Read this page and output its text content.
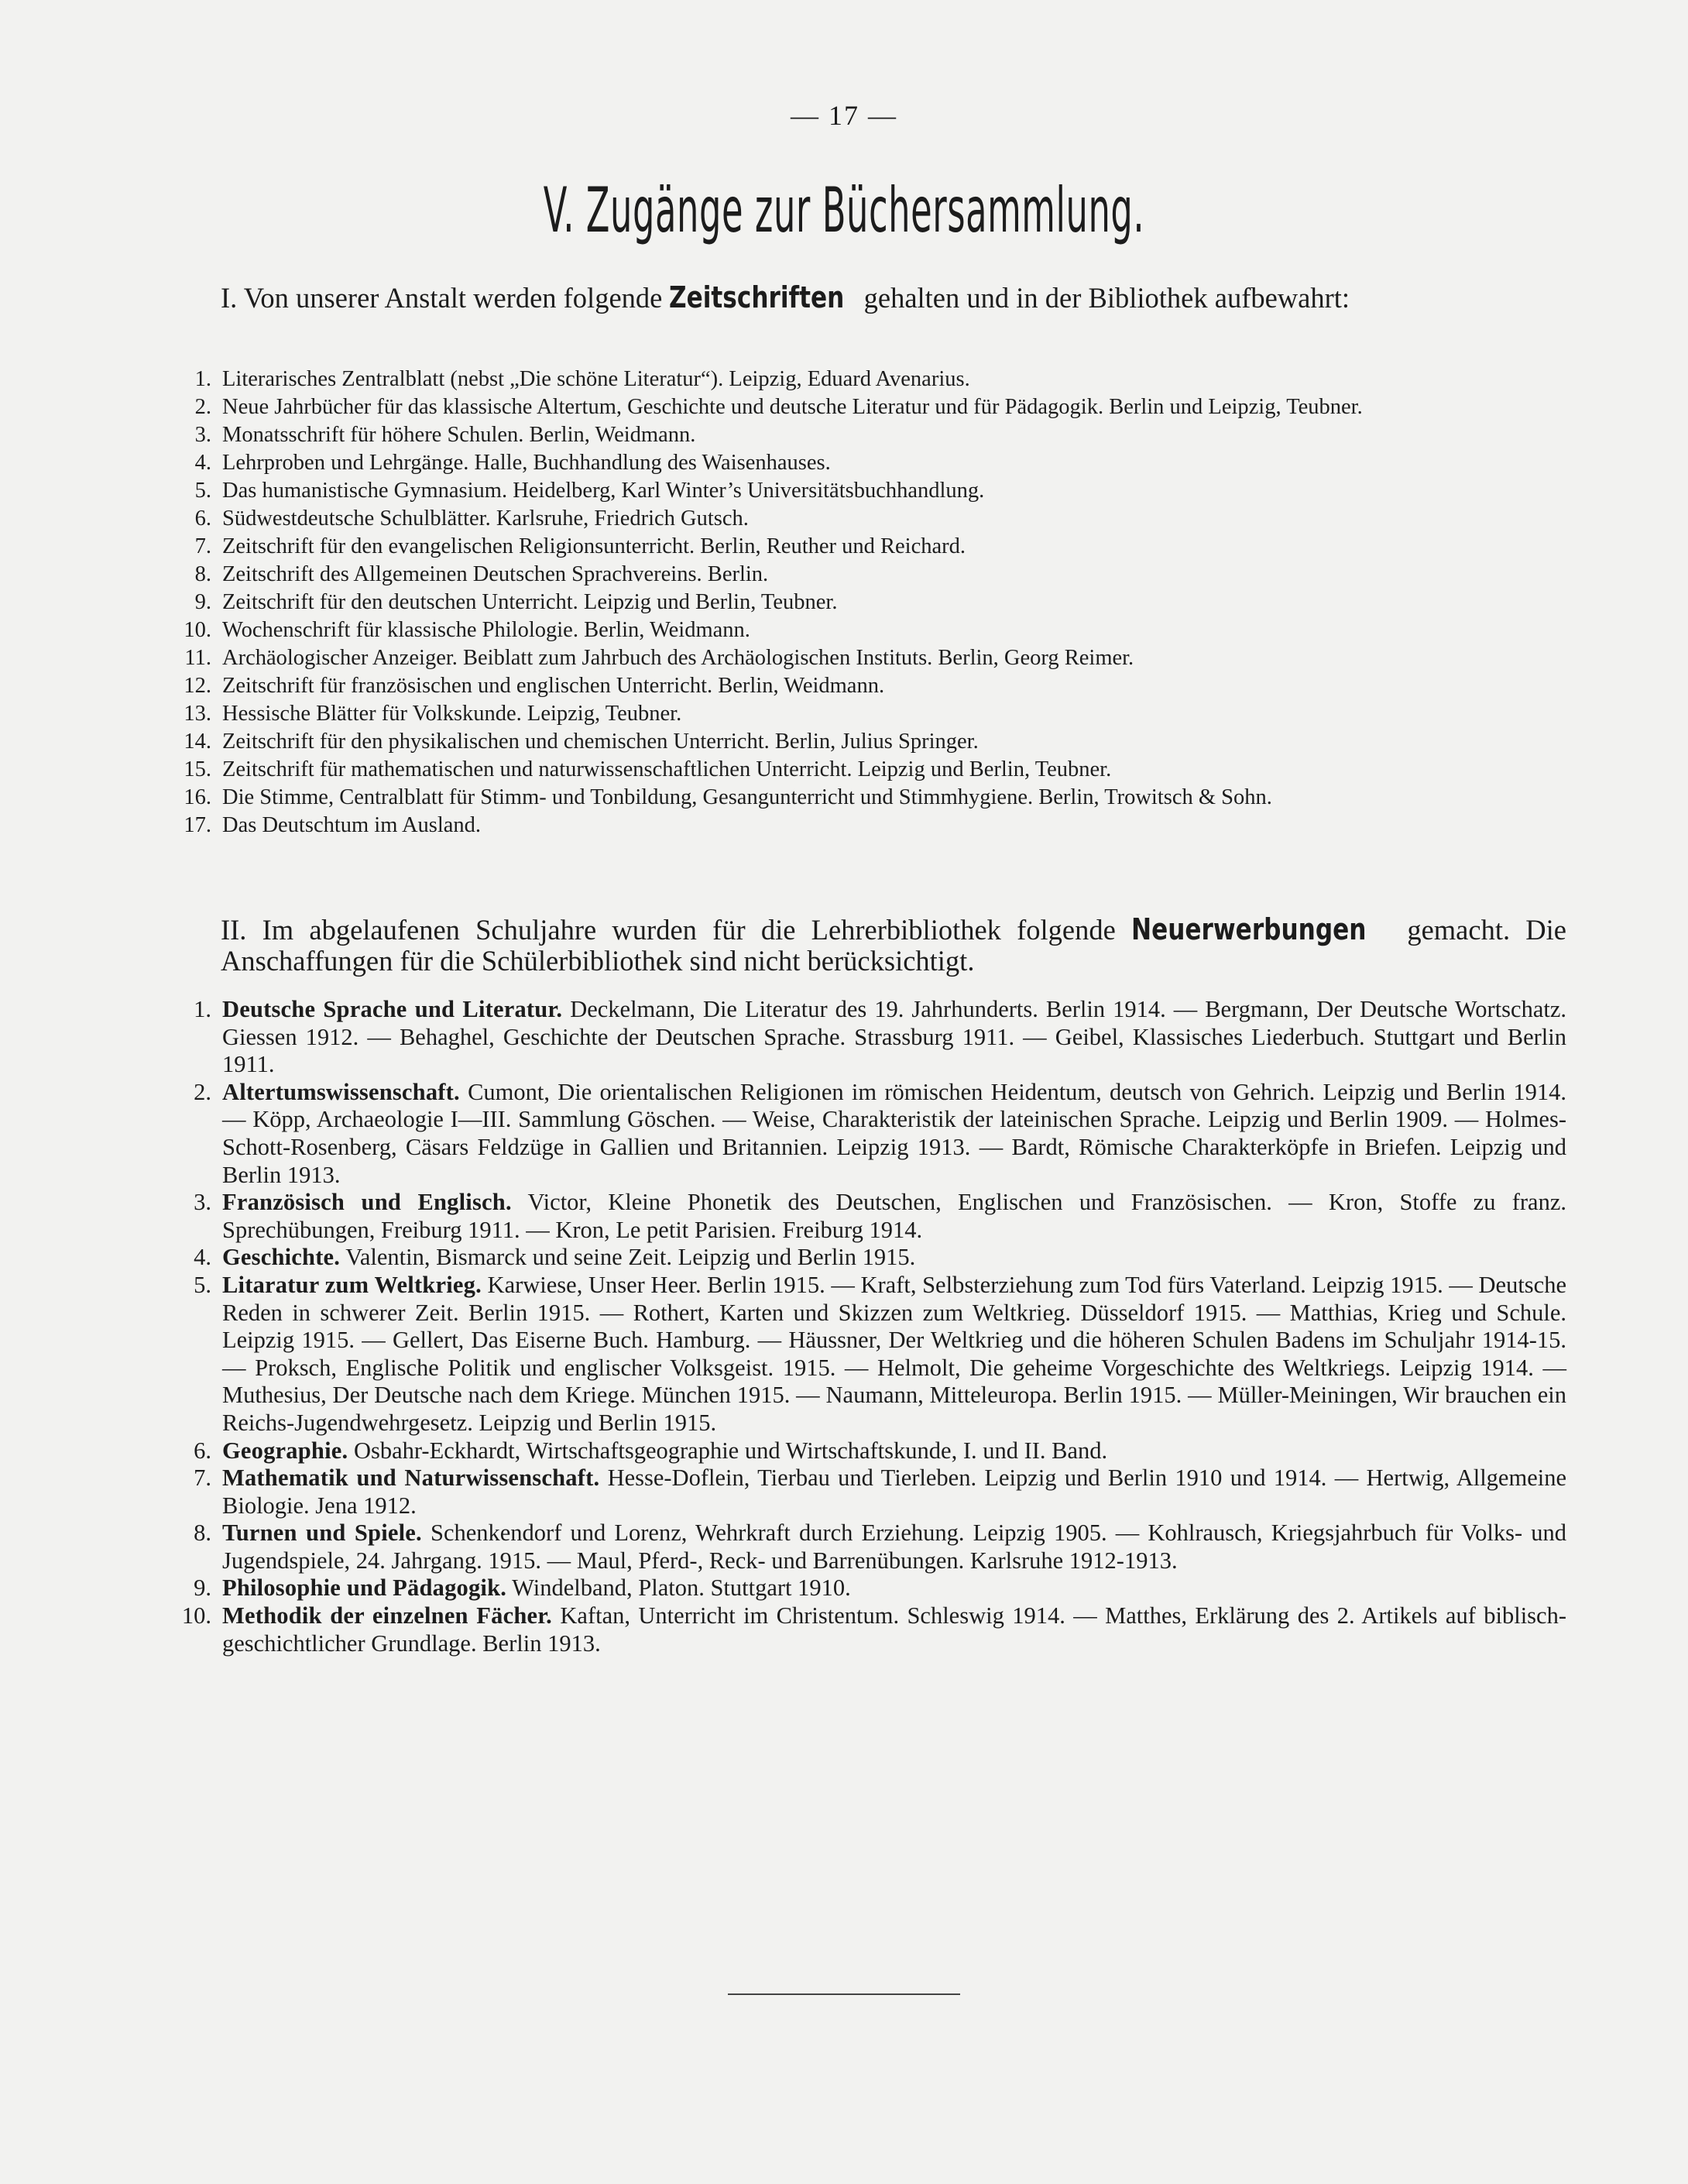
— 17 —
V. Zugänge zur Büchersammlung.
I. Von unserer Anstalt werden folgende Zeitschriften gehalten und in der Bibliothek aufbewahrt:
1. Literarisches Zentralblatt (nebst „Die schöne Literatur“). Leipzig, Eduard Avenarius.
2. Neue Jahrbücher für das klassische Altertum, Geschichte und deutsche Literatur und für Pädagogik. Berlin und Leipzig, Teubner.
3. Monatsschrift für höhere Schulen. Berlin, Weidmann.
4. Lehrproben und Lehrgänge. Halle, Buchhandlung des Waisenhauses.
5. Das humanistische Gymnasium. Heidelberg, Karl Winter’s Universitätsbuchhandlung.
6. Südwestdeutsche Schulblätter. Karlsruhe, Friedrich Gutsch.
7. Zeitschrift für den evangelischen Religionsunterricht. Berlin, Reuther und Reichard.
8. Zeitschrift des Allgemeinen Deutschen Sprachvereins. Berlin.
9. Zeitschrift für den deutschen Unterricht. Leipzig und Berlin, Teubner.
10. Wochenschrift für klassische Philologie. Berlin, Weidmann.
11. Archäologischer Anzeiger. Beiblatt zum Jahrbuch des Archäologischen Instituts. Berlin, Georg Reimer.
12. Zeitschrift für französischen und englischen Unterricht. Berlin, Weidmann.
13. Hessische Blätter für Volkskunde. Leipzig, Teubner.
14. Zeitschrift für den physikalischen und chemischen Unterricht. Berlin, Julius Springer.
15. Zeitschrift für mathematischen und naturwissenschaftlichen Unterricht. Leipzig und Berlin, Teubner.
16. Die Stimme, Centralblatt für Stimm- und Tonbildung, Gesangunterricht und Stimmhygiene. Berlin, Trowitsch & Sohn.
17. Das Deutschtum im Ausland.
II. Im abgelaufenen Schuljahre wurden für die Lehrerbibliothek folgende Neuerwerbungen gemacht. Die Anschaffungen für die Schülerbibliothek sind nicht berücksichtigt.
1. Deutsche Sprache und Literatur. Deckelmann, Die Literatur des 19. Jahrhunderts. Berlin 1914. — Bergmann, Der Deutsche Wortschatz. Giessen 1912. — Behaghel, Geschichte der Deutschen Sprache. Strassburg 1911. — Geibel, Klassisches Liederbuch. Stuttgart und Berlin 1911.
2. Altertumswissenschaft. Cumont, Die orientalischen Religionen im römischen Heidentum, deutsch von Gehrich. Leipzig und Berlin 1914. — Köpp, Archaeologie I—III. Sammlung Göschen. — Weise, Charakteristik der lateinischen Sprache. Leipzig und Berlin 1909. — Holmes-Schott-Rosenberg, Cäsars Feldzüge in Gallien und Britannien. Leipzig 1913. — Bardt, Römische Charakterköpfe in Briefen. Leipzig und Berlin 1913.
3. Französisch und Englisch. Victor, Kleine Phonetik des Deutschen, Englischen und Französischen. — Kron, Stoffe zu franz. Sprechübungen, Freiburg 1911. — Kron, Le petit Parisien. Freiburg 1914.
4. Geschichte. Valentin, Bismarck und seine Zeit. Leipzig und Berlin 1915.
5. Litaratur zum Weltkrieg. Karwiese, Unser Heer. Berlin 1915. — Kraft, Selbsterziehung zum Tod fürs Vaterland. Leipzig 1915. — Deutsche Reden in schwerer Zeit. Berlin 1915. — Rothert, Karten und Skizzen zum Weltkrieg. Düsseldorf 1915. — Matthias, Krieg und Schule. Leipzig 1915. — Gellert, Das Eiserne Buch. Hamburg. — Häussner, Der Weltkrieg und die höheren Schulen Badens im Schuljahr 1914-15. — Proksch, Englische Politik und englischer Volksgeist. 1915. — Helmolt, Die geheime Vorgeschichte des Weltkriegs. Leipzig 1914. — Muthesius, Der Deutsche nach dem Kriege. München 1915. — Naumann, Mitteleuropa. Berlin 1915. — Müller-Meiningen, Wir brauchen ein Reichs-Jugendwehrgesetz. Leipzig und Berlin 1915.
6. Geographie. Osbahr-Eckhardt, Wirtschaftsgeographie und Wirtschaftskunde, I. und II. Band.
7. Mathematik und Naturwissenschaft. Hesse-Doflein, Tierbau und Tierleben. Leipzig und Berlin 1910 und 1914. — Hertwig, Allgemeine Biologie. Jena 1912.
8. Turnen und Spiele. Schenkendorf und Lorenz, Wehrkraft durch Erziehung. Leipzig 1905. — Kohlrausch, Kriegsjahrbuch für Volks- und Jugendspiele, 24. Jahrgang. 1915. — Maul, Pferd-, Reck- und Barrenübungen. Karlsruhe 1912-1913.
9. Philosophie und Pädagogik. Windelband, Platon. Stuttgart 1910.
10. Methodik der einzelnen Fächer. Kaftan, Unterricht im Christentum. Schleswig 1914. — Matthes, Erklärung des 2. Artikels auf biblisch-geschichtlicher Grundlage. Berlin 1913.
